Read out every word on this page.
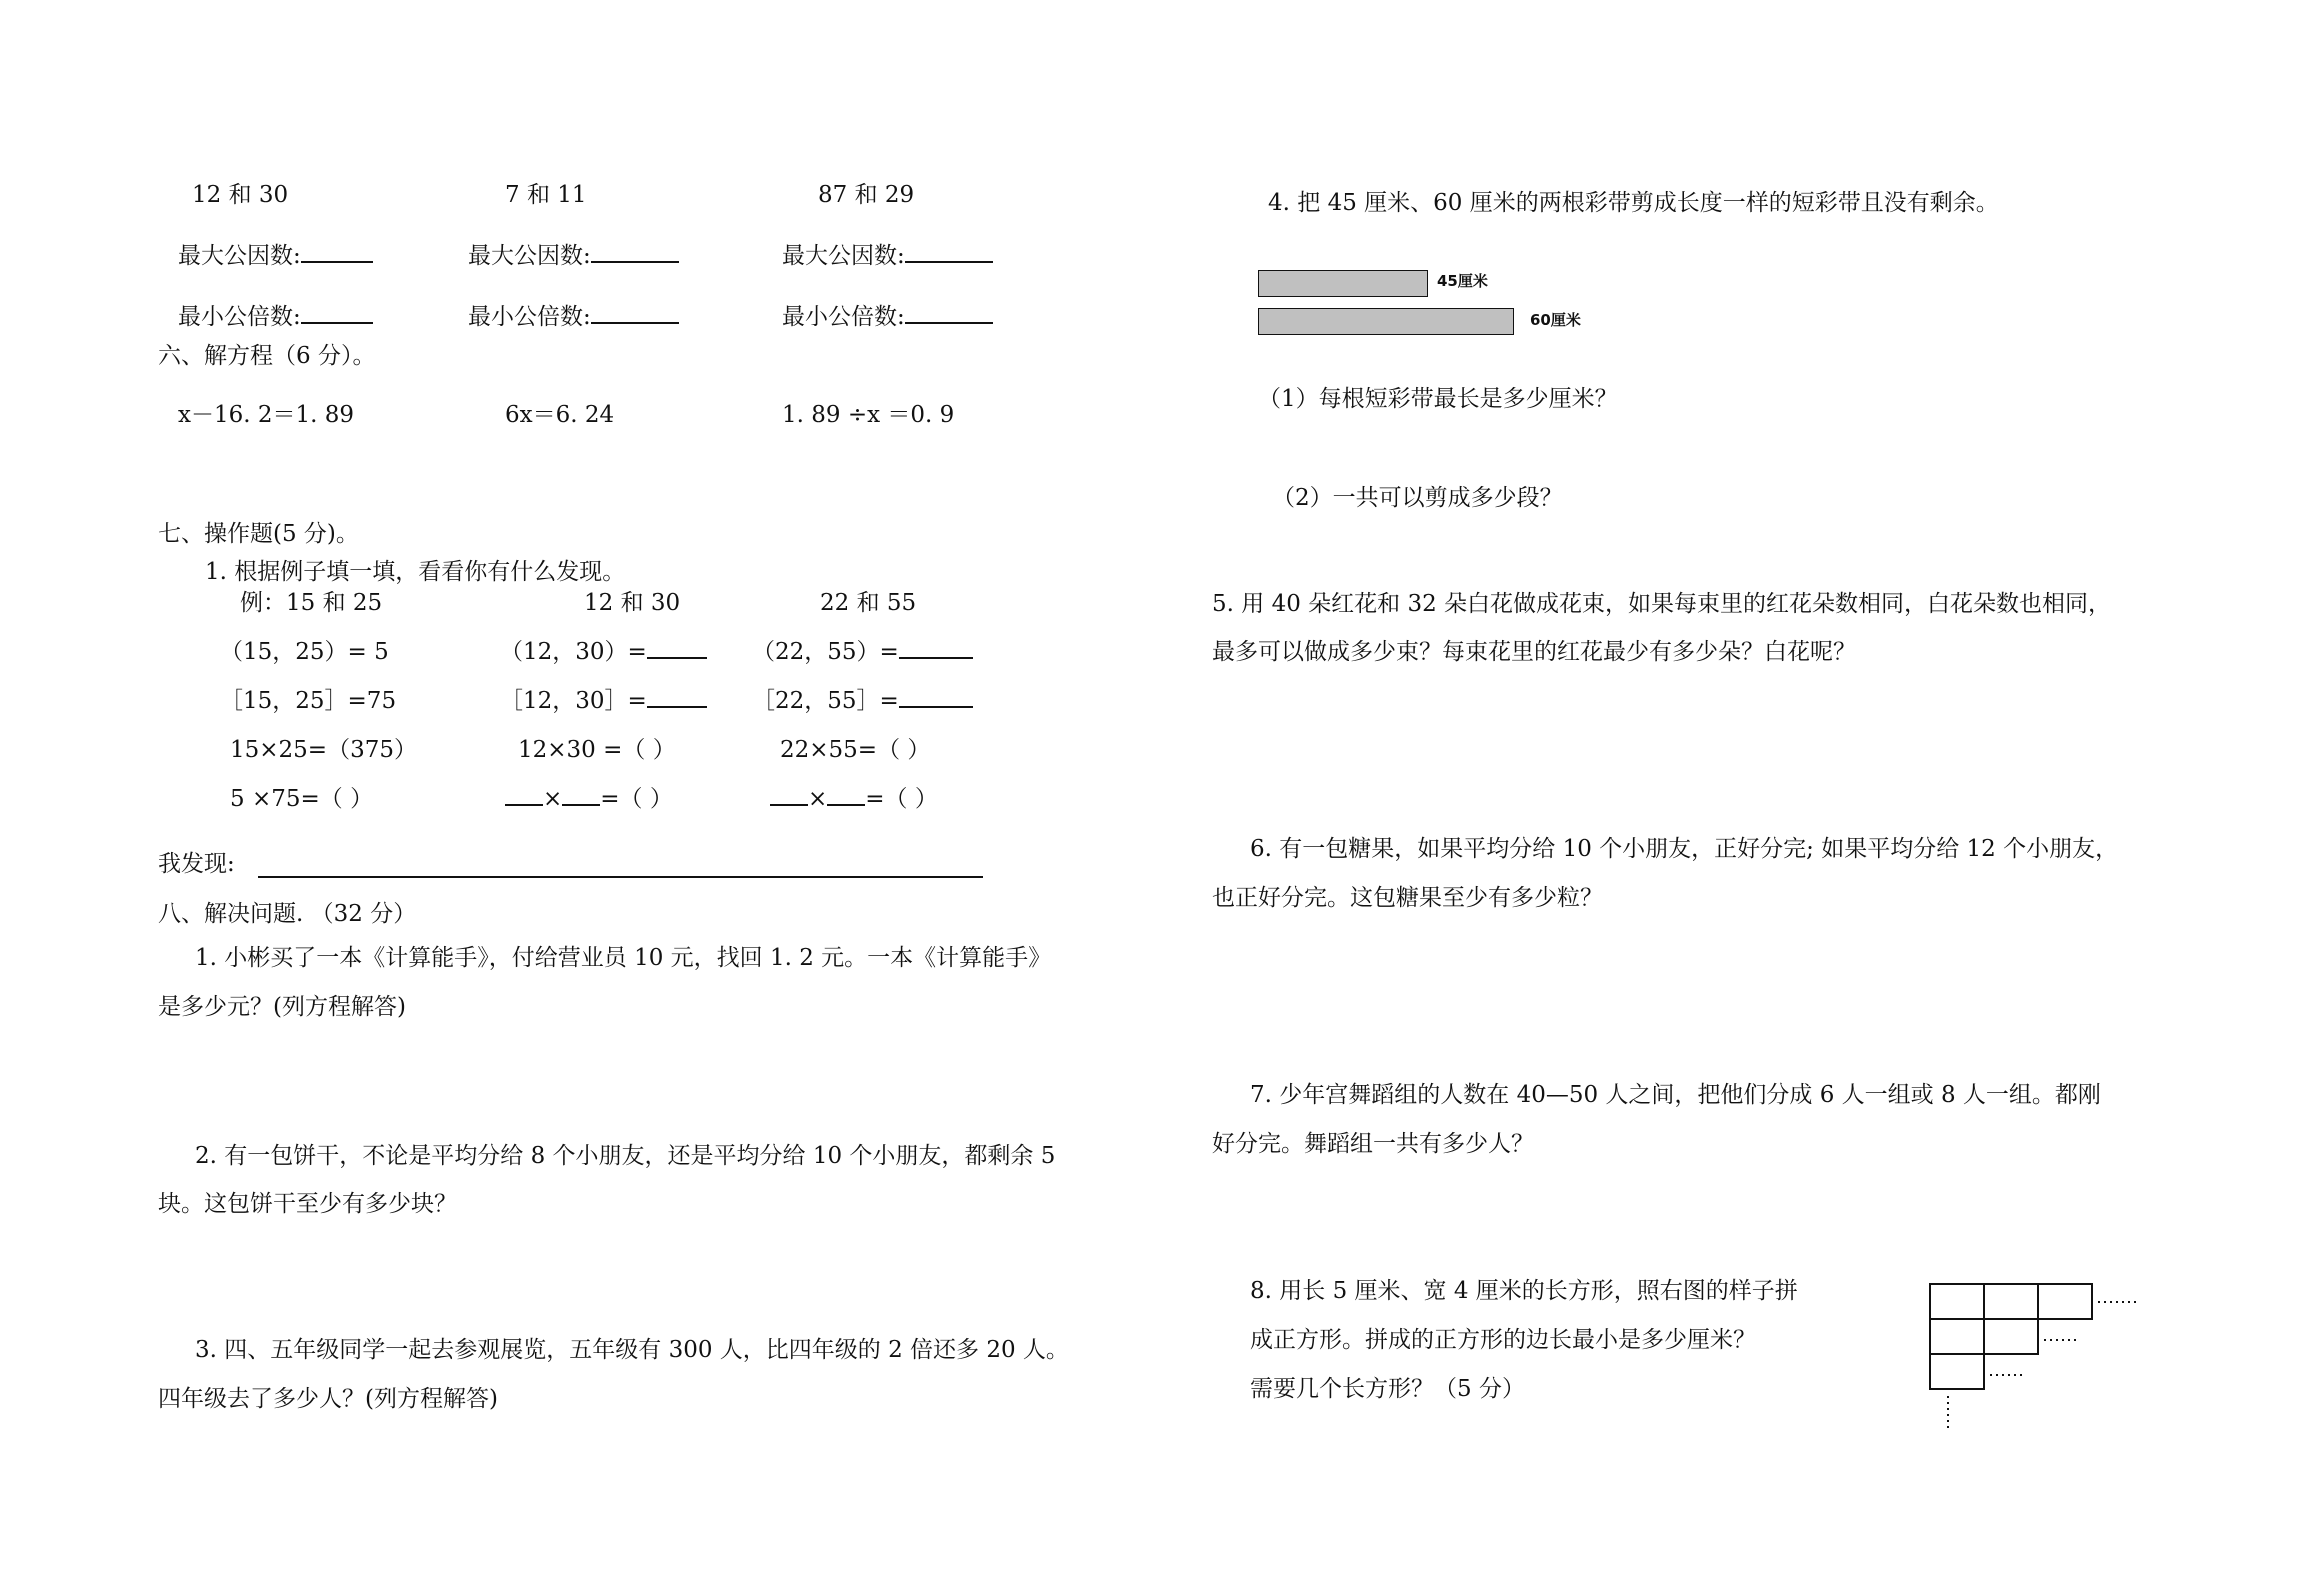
12 和 30	7 和 11	87 和 29
最大公因数:	最大公因数:	最大公因数:
最小公倍数:	最小公倍数:	最小公倍数:
六、解方程（6 分）。
x－16. 2＝1. 89	6x＝6. 24	1. 89 ÷x ＝0. 9
七、操作题(5 分)。
1. 根据例子填一填，看看你有什么发现。
例：15 和 25	12 和 30	22 和 55
（15，25）= 5	（12，30）=	（22，55）=
［15，25］=75	［12，30］=	［22，55］=
15×25=（375）	12×30 =（ ）	22×55=（ ）
5 ×75=（ ）	× =（ ）	× =（ ）
我发现:
八、解决问题. （32 分）
1. 小彬买了一本《计算能手》，付给营业员 10 元，找回 1. 2 元。一本《计算能手》
是多少元？(列方程解答)
2. 有一包饼干，不论是平均分给 8 个小朋友，还是平均分给 10 个小朋友，都剩余 5
块。这包饼干至少有多少块？
3. 四、五年级同学一起去参观展览，五年级有 300 人，比四年级的 2 倍还多 20 人。
四年级去了多少人？(列方程解答)
4. 把 45 厘米、60 厘米的两根彩带剪成长度一样的短彩带且没有剩余。
45厘米
60厘米
（1）每根短彩带最长是多少厘米？
（2）一共可以剪成多少段？
5. 用 40 朵红花和 32 朵白花做成花束，如果每束里的红花朵数相同，白花朵数也相同，
最多可以做成多少束？每束花里的红花最少有多少朵？白花呢？
6. 有一包糖果，如果平均分给 10 个小朋友，正好分完; 如果平均分给 12 个小朋友，
也正好分完。这包糖果至少有多少粒？
7. 少年宫舞蹈组的人数在 40—50 人之间，把他们分成 6 人一组或 8 人一组。都刚
好分完。舞蹈组一共有多少人？
8. 用长 5 厘米、宽 4 厘米的长方形，照右图的样子拼
成正方形。拼成的正方形的边长最小是多少厘米？
需要几个长方形？（5 分）
